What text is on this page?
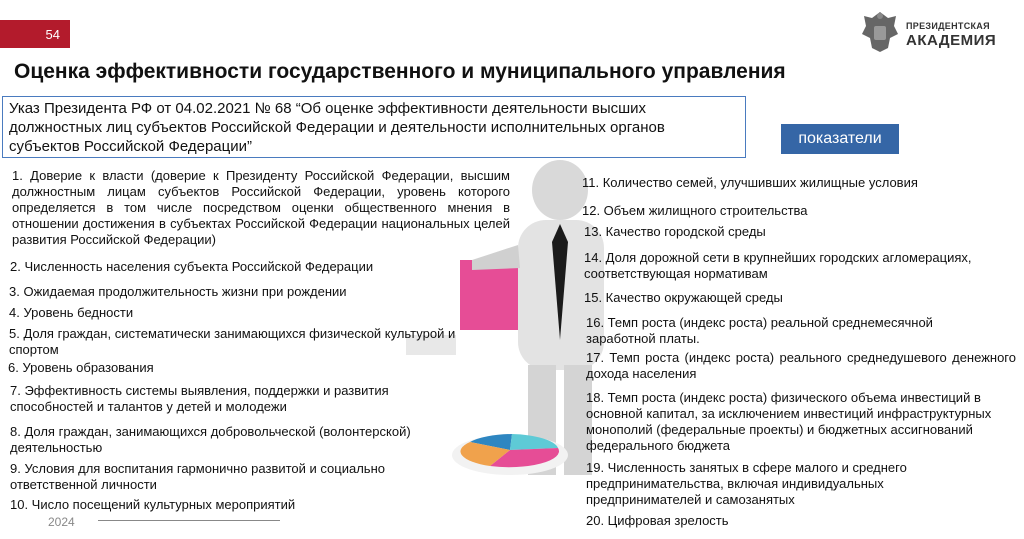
54
ПРЕЗИДЕНТСКАЯ
АКАДЕМИЯ
Оценка эффективности государственного и муниципального управления
Указ Президента РФ от 04.02.2021 № 68 “Об оценке эффективности деятельности высших должностных лиц субъектов Российской Федерации и деятельности исполнительных органов субъектов Российской Федерации”	показатели
1. Доверие к власти (доверие к Президенту Российской Федерации, высшим должностным лицам субъектов Российской Федерации, уровень которого определяется в том числе посредством оценки общественного мнения в отношении достижения в субъектах Российской Федерации национальных целей развития Российской Федерации)
2. Численность населения субъекта Российской Федерации
3. Ожидаемая продолжительность жизни при рождении
4. Уровень бедности
5. Доля граждан, систематически занимающихся физической культурой и спортом
6. Уровень образования
7. Эффективность системы выявления, поддержки и развития способностей и талантов у детей и молодежи
8. Доля граждан, занимающихся добровольческой (волонтерской) деятельностью
9. Условия для воспитания гармонично развитой и социально ответственной личности
10. Число посещений культурных мероприятий
11. Количество семей, улучшивших жилищные условия
12. Объем жилищного строительства
13. Качество городской среды
14. Доля дорожной сети в крупнейших городских агломерациях, соответствующая нормативам
15. Качество окружающей среды
16. Темп роста (индекс роста) реальной среднемесячной заработной платы.
17. Темп роста (индекс роста) реального среднедушевого денежного дохода населения
18. Темп роста (индекс роста) физического объема инвестиций в основной капитал, за исключением инвестиций инфраструктурных монополий (федеральные проекты) и бюджетных ассигнований федерального бюджета
19. Численность занятых в сфере малого и среднего предпринимательства, включая индивидуальных предпринимателей и самозанятых
20. Цифровая зрелость
2024
